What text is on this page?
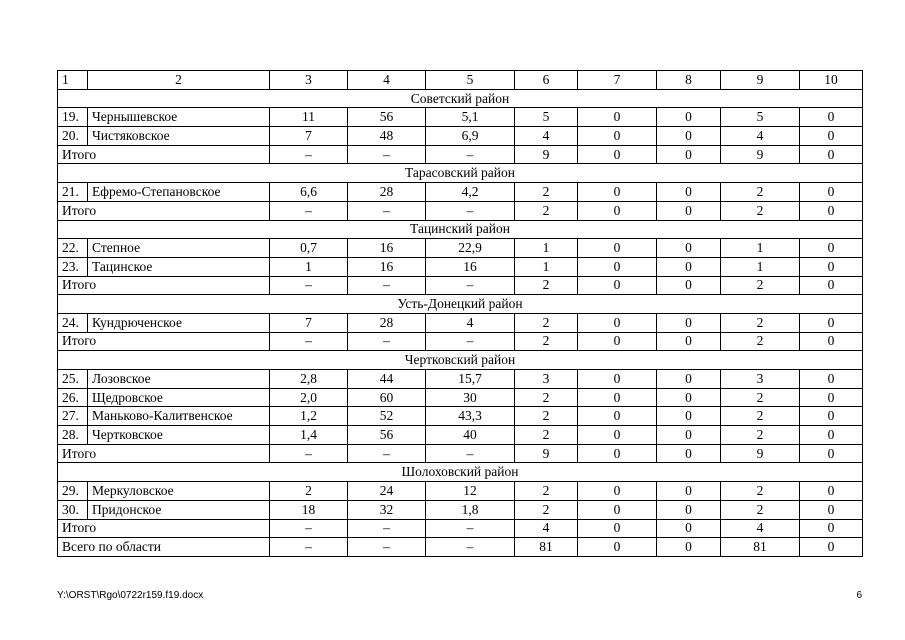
1	2	3	4	5	6	7	8	9	10
Советский район									
19.	Чернышевское	11	56	5,1	5	0	0	5	0
20.	Чистяковское	7	48	6,9	4	0	0	4	0
Итого		–	–	–	9	0	0	9	0
Тарасовский район									
21.	Ефремо-Степановское	6,6	28	4,2	2	0	0	2	0
Итого		–	–	–	2	0	0	2	0
Тацинский район									
22.	Степное	0,7	16	22,9	1	0	0	1	0
23.	Тацинское	1	16	16	1	0	0	1	0
Итого		–	–	–	2	0	0	2	0
Усть-Донецкий район									
24.	Кундрюченское	7	28	4	2	0	0	2	0
Итого		–	–	–	2	0	0	2	0
Чертковский район									
25.	Лозовское	2,8	44	15,7	3	0	0	3	0
26.	Щедровское	2,0	60	30	2	0	0	2	0
27.	Маньково-Калитвенское	1,2	52	43,3	2	0	0	2	0
28.	Чертковское	1,4	56	40	2	0	0	2	0
Итого		–	–	–	9	0	0	9	0
Шолоховский район									
29.	Меркуловское	2	24	12	2	0	0	2	0
30.	Придонское	18	32	1,8	2	0	0	2	0
Итого		–	–	–	4	0	0	4	0
Всего по области		–	–	–	81	0	0	81	0
Y:\ORST\Rgo\0722r159.f19.docx	6
